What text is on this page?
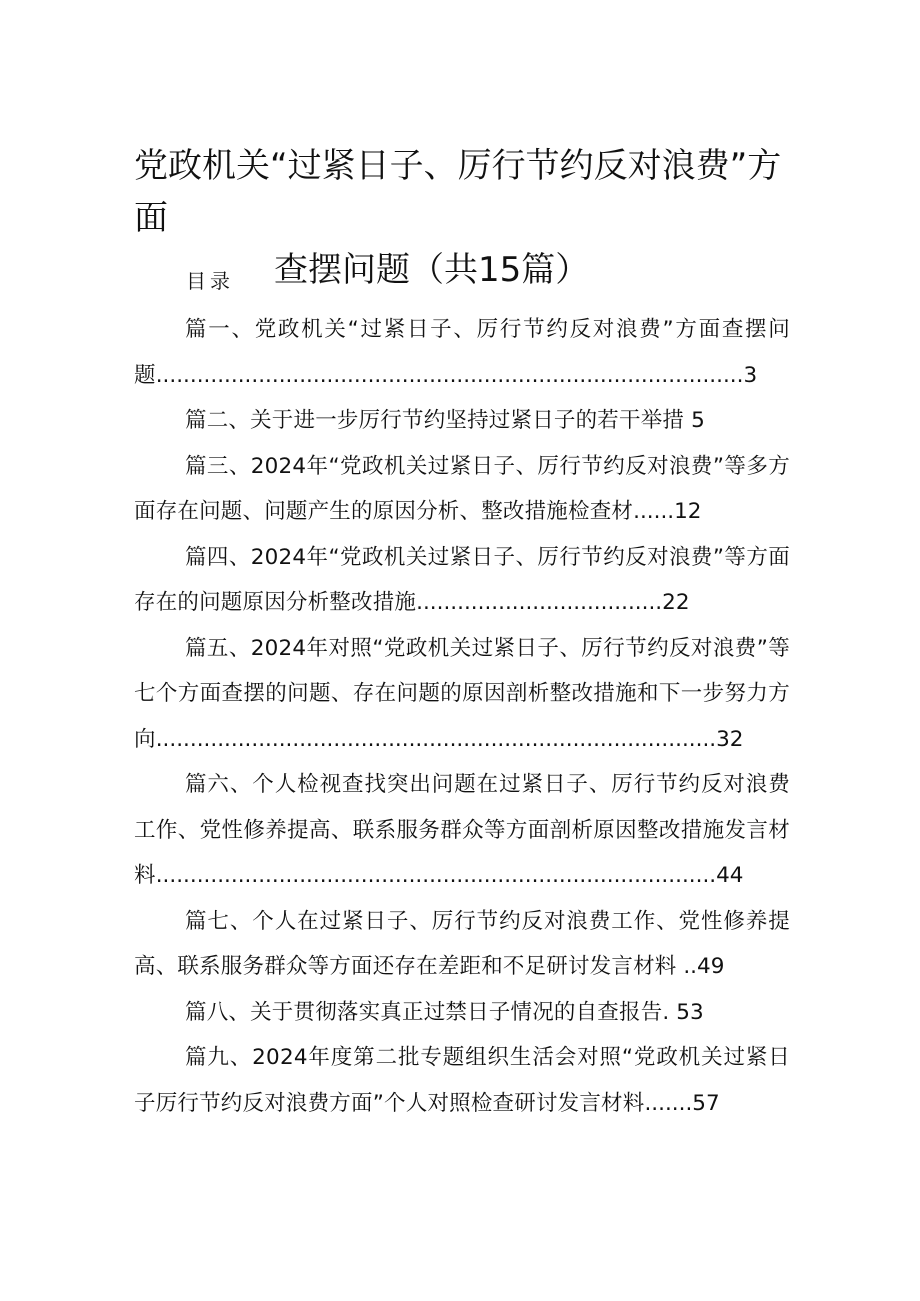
党政机关“过紧日子、厉行节约反对浪费”方面
查摆问题（共15篇）
目录
篇一、党政机关“过紧日子、厉行节约反对浪费”方面查摆问题......................................................................................3
篇二、关于进一步厉行节约坚持过紧日子的若干举措 5
篇三、2024年“党政机关过紧日子、厉行节约反对浪费”等多方面存在问题、问题产生的原因分析、整改措施检查材......12
篇四、2024年“党政机关过紧日子、厉行节约反对浪费”等方面存在的问题原因分析整改措施....................................22
篇五、2024年对照“党政机关过紧日子、厉行节约反对浪费”等七个方面查摆的问题、存在问题的原因剖析整改措施和下一步努力方向..................................................................................32
篇六、个人检视查找突出问题在过紧日子、厉行节约反对浪费工作、党性修养提高、联系服务群众等方面剖析原因整改措施发言材料..................................................................................44
篇七、个人在过紧日子、厉行节约反对浪费工作、党性修养提高、联系服务群众等方面还存在差距和不足研讨发言材料 ..49
篇八、关于贯彻落实真正过禁日子情况的自查报告. 53
篇九、2024年度第二批专题组织生活会对照“党政机关过紧日子厉行节约反对浪费方面”个人对照检查研讨发言材料.......57
